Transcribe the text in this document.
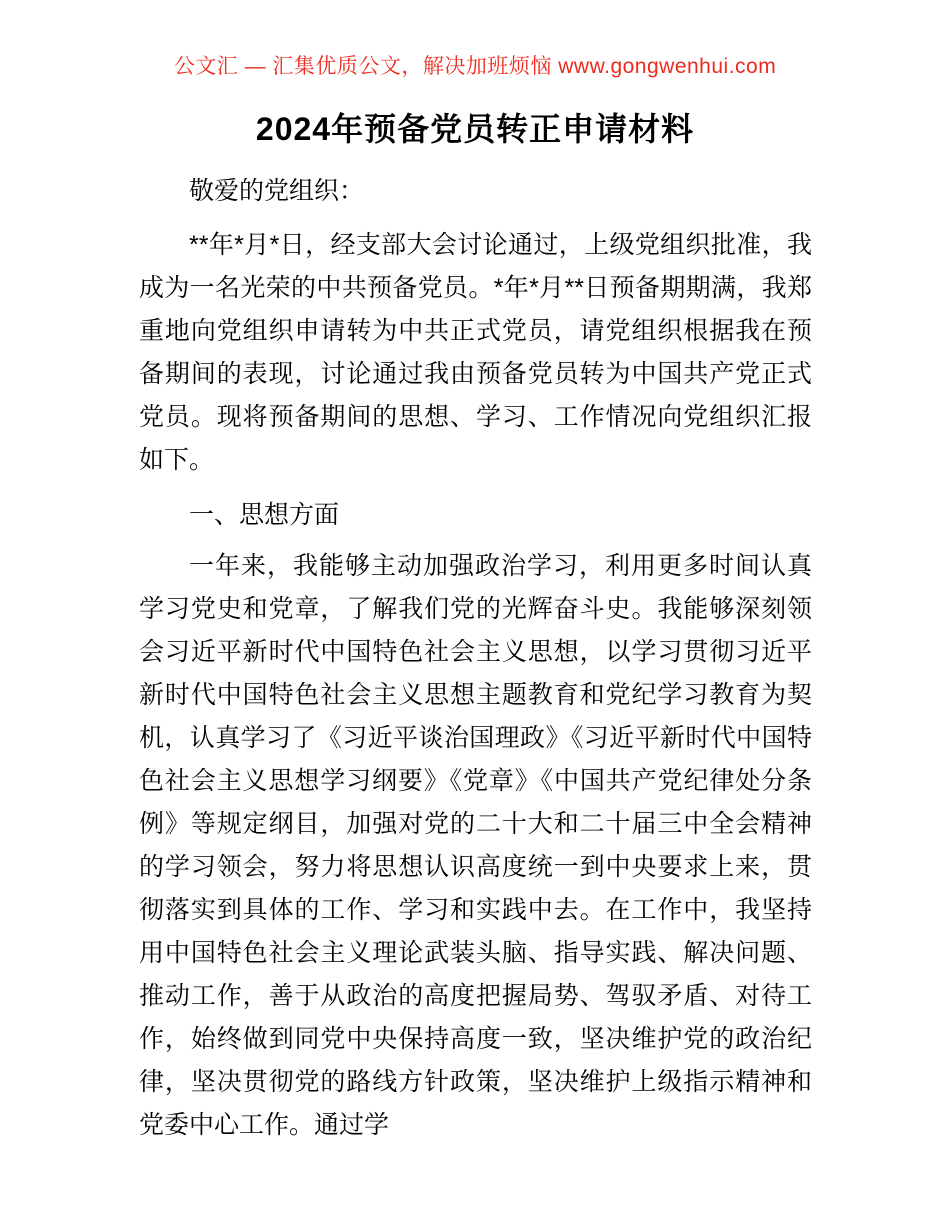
公文汇 — 汇集优质公文，解决加班烦恼 www.gongwenhui.com
2024年预备党员转正申请材料

敬爱的党组织：

**年*月*日，经支部大会讨论通过，上级党组织批准，我成为一名光荣的中共预备党员。*年*月**日预备期期满，我郑重地向党组织申请转为中共正式党员，请党组织根据我在预备期间的表现，讨论通过我由预备党员转为中国共产党正式党员。现将预备期间的思想、学习、工作情况向党组织汇报如下。

一、思想方面

一年来，我能够主动加强政治学习，利用更多时间认真学习党史和党章，了解我们党的光辉奋斗史。我能够深刻领会习近平新时代中国特色社会主义思想，以学习贯彻习近平新时代中国特色社会主义思想主题教育和党纪学习教育为契机，认真学习了《习近平谈治国理政》《习近平新时代中国特色社会主义思想学习纲要》《党章》《中国共产党纪律处分条例》等规定纲目，加强对党的二十大和二十届三中全会精神的学习领会，努力将思想认识高度统一到中央要求上来，贯彻落实到具体的工作、学习和实践中去。在工作中，我坚持用中国特色社会主义理论武装头脑、指导实践、解决问题、推动工作，善于从政治的高度把握局势、驾驭矛盾、对待工作，始终做到同党中央保持高度一致，坚决维护党的政治纪律，坚决贯彻党的路线方针政策，坚决维护上级指示精神和党委中心工作。通过学
